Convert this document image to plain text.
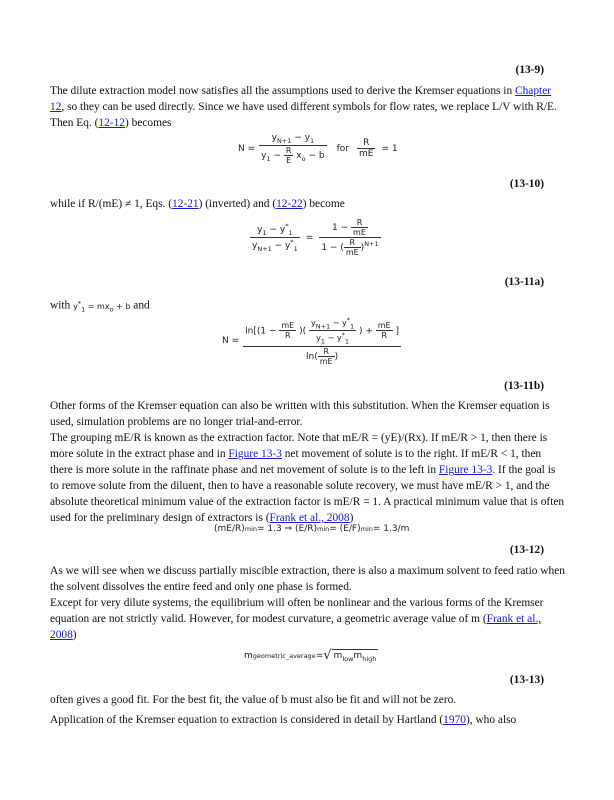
(13-9)
The dilute extraction model now satisfies all the assumptions used to derive the Kremser equations in Chapter 12, so they can be used directly. Since we have used different symbols for flow rates, we replace L/V with R/E. Then Eq. (12-12) becomes
$N = \frac{y_{N+1} - y_1}{y_1 - \frac{R}{E} x_o - b}$ for $\frac{R}{mE} = 1$
(13-10)
while if R/(mE) ≠ 1, Eqs. (12-21) (inverted) and (12-22) become
$\frac{y_1 - y^*_1}{y_{N+1} - y^*_1} = \frac{1 - \frac{R}{mE}}{1 - ( \frac{R}{mE} )^{N+1}}$
(13-11a)
with $y^*_1 = mx_o + b$ and
N =
$\ln[(1 - \frac{mE}{R}$ )( $\frac{y_{N+1} - y^*_1}{y_1 - y^*_1}$ ) + $\frac{mE}{R}$ ]
$\ln( \frac{R}{mE}$ )
(13-11b)
Other forms of the Kremser equation can also be written with this substitution. When the Kremser equation is used, simulation problems are no longer trial-and-error.
The grouping mE/R is known as the extraction factor. Note that mE/R = (yE)/(Rx). If mE/R > 1, then there is more solute in the extract phase and in Figure 13-3 net movement of solute is to the right. If mE/R < 1, then there is more solute in the raffinate phase and net movement of solute is to the left in Figure 13-3. If the goal is to remove solute from the diluent, then to have a reasonable solute recovery, we must have mE/R > 1, and the absolute theoretical minimum value of the extraction factor is mE/R = 1. A practical minimum value that is often used for the preliminary design of extractors is (Frank et al., 2008)
(mE/R) min = 1.3 ⇒ (E/R) min = (E/F) min = 1.3/m
(13-12)
As we will see when we discuss partially miscible extraction, there is also a maximum solvent to feed ratio when the solvent dissolves the entire feed and only one phase is formed.
Except for very dilute systems, the equilibrium will often be nonlinear and the various forms of the Kremser equation are not strictly valid. However, for modest curvature, a geometric average value of m (Frank et al., 2008)
m geometric_average = √ $m_{low}m_{high}$
(13-13)
often gives a good fit. For the best fit, the value of b must also be fit and will not be zero.
Application of the Kremser equation to extraction is considered in detail by Hartland (1970), who also
